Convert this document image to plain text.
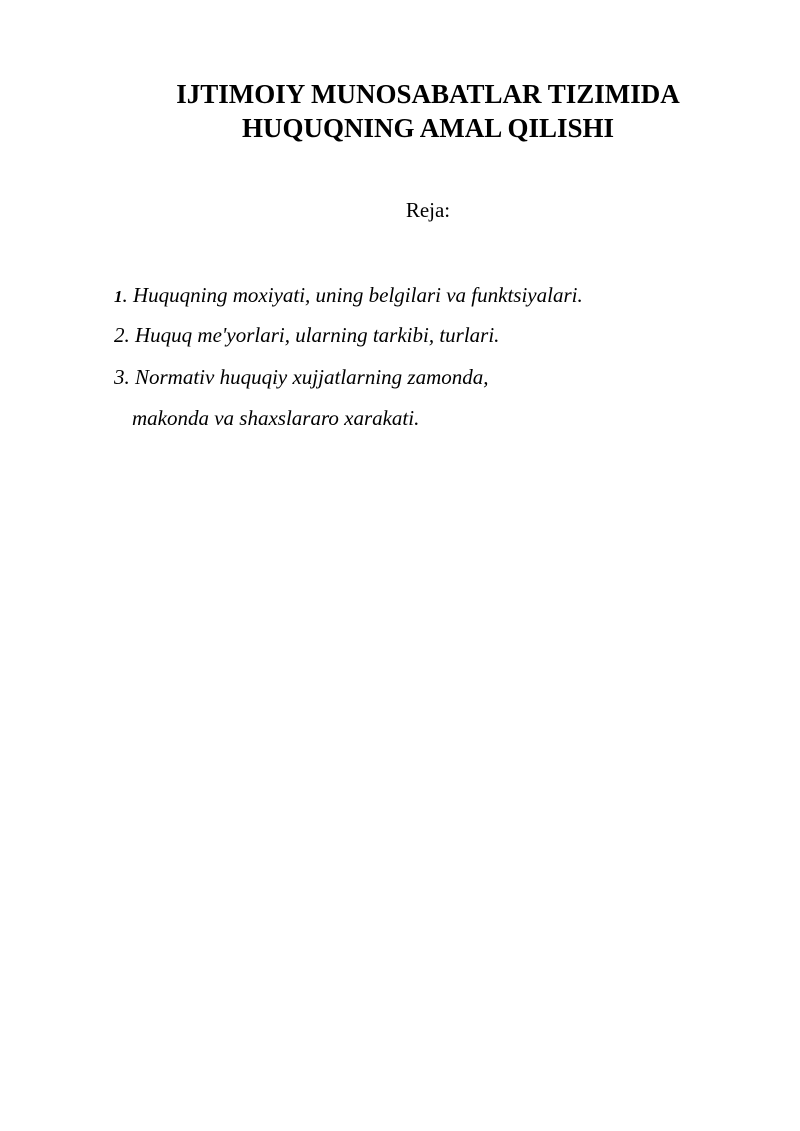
IJTIMOIY MUNOSABATLAR TIZIMIDA
HUQUQNING AMAL QILISHI
Reja:
1. Huquqning moxiyati, uning belgilari va funktsiyalari.
2. Huquq me'yorlari, ularning tarkibi, turlari.
3. Normativ huquqiy xujjatlarning zamonda,
makonda va shaxslararo xarakati.
